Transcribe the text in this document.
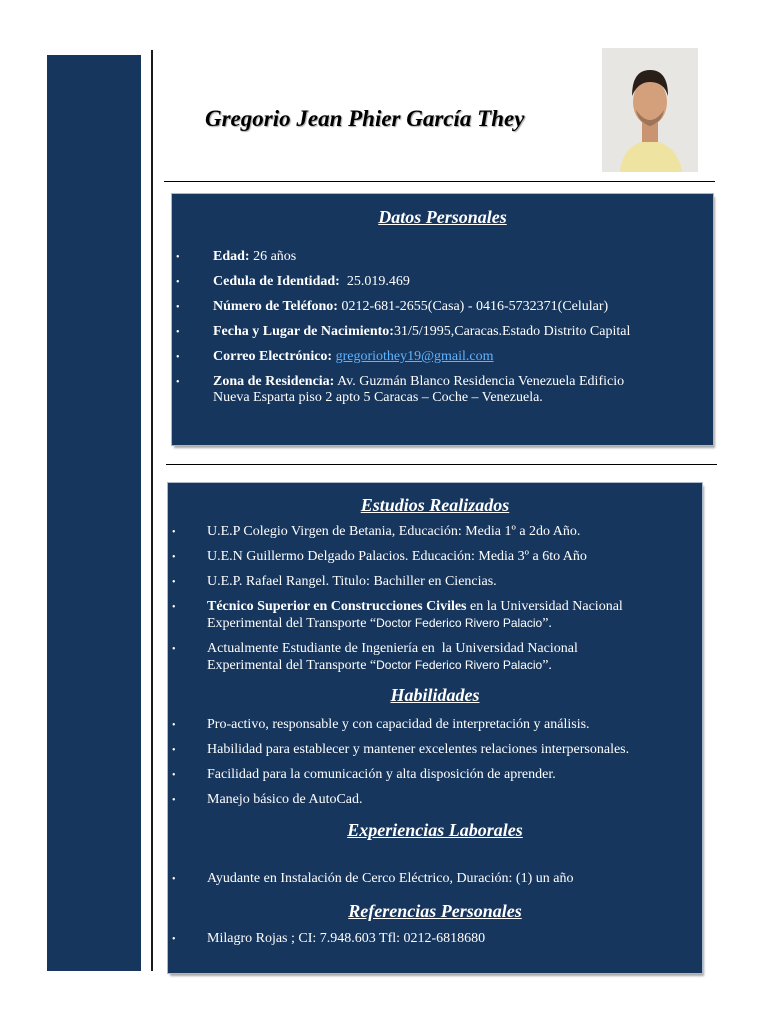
Gregorio Jean Phier García They
Datos Personales
• Edad: 26 años
• Cedula de Identidad:  25.019.469
• Número de Teléfono: 0212-681-2655(Casa) - 0416-5732371(Celular)
• Fecha y Lugar de Nacimiento:31/5/1995,Caracas.Estado Distrito Capital
• Correo Electrónico: gregoriothey19@gmail.com
• Zona de Residencia: Av. Guzmán Blanco Residencia Venezuela Edificio
Nueva Esparta piso 2 apto 5 Caracas – Coche – Venezuela.
Estudios Realizados
• U.E.P Colegio Virgen de Betania, Educación: Media 1º a 2do Año.
• U.E.N Guillermo Delgado Palacios. Educación: Media 3º a 6to Año
• U.E.P. Rafael Rangel. Titulo: Bachiller en Ciencias.
• Técnico Superior en Construcciones Civiles en la Universidad Nacional
Experimental del Transporte “Doctor Federico Rivero Palacio”.
• Actualmente Estudiante de Ingeniería en  la Universidad Nacional
Experimental del Transporte “Doctor Federico Rivero Palacio”.
Habilidades
• Pro-activo, responsable y con capacidad de interpretación y análisis.
• Habilidad para establecer y mantener excelentes relaciones interpersonales.
• Facilidad para la comunicación y alta disposición de aprender.
• Manejo básico de AutoCad.
Experiencias Laborales
• Ayudante en Instalación de Cerco Eléctrico, Duración: (1) un año
Referencias Personales
• Milagro Rojas ; CI: 7.948.603 Tfl: 0212-6818680
